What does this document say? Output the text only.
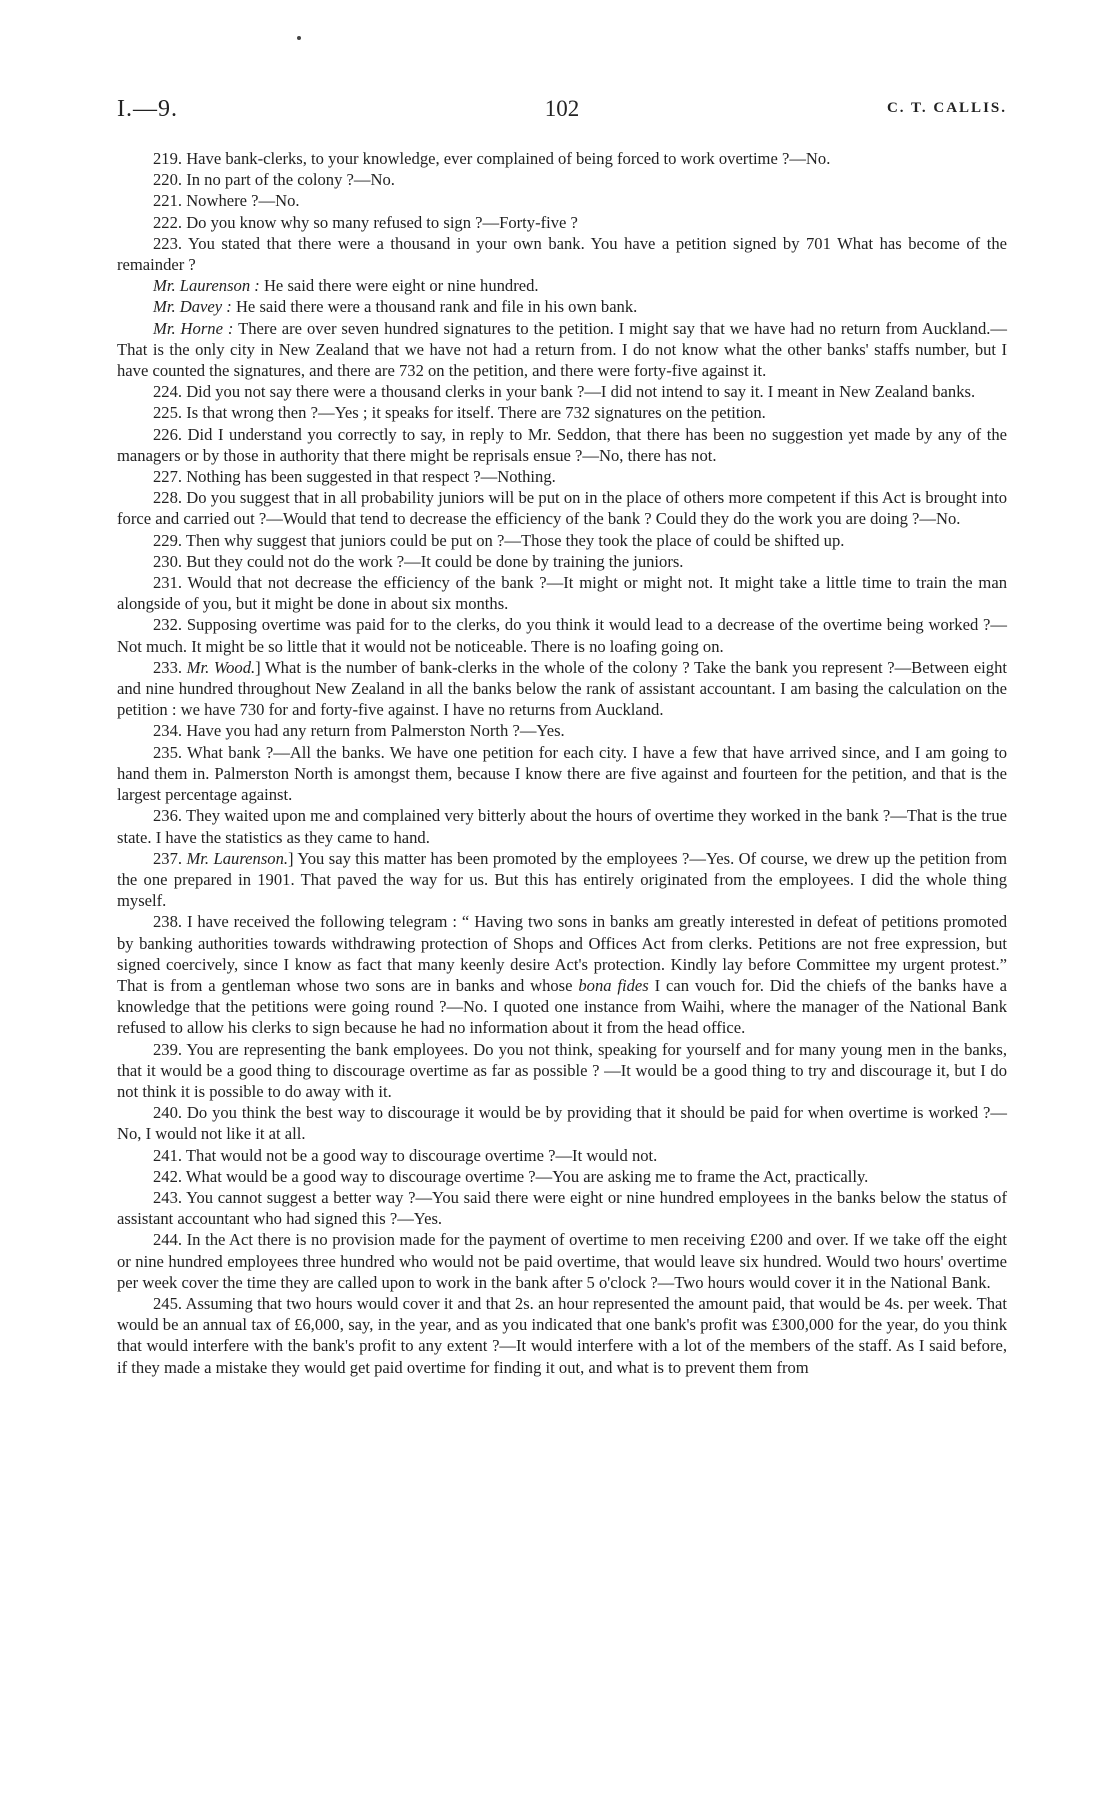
I.—9.	102	C. T. CALLIS.

219. Have bank-clerks, to your knowledge, ever complained of being forced to work overtime ?—No.

220. In no part of the colony ?—No.

221. Nowhere ?—No.

222. Do you know why so many refused to sign ?—Forty-five ?

223. You stated that there were a thousand in your own bank. You have a petition signed by 701 What has become of the remainder ?

Mr. Laurenson : He said there were eight or nine hundred.

Mr. Davey : He said there were a thousand rank and file in his own bank.

Mr. Horne : There are over seven hundred signatures to the petition. I might say that we have had no return from Auckland.—That is the only city in New Zealand that we have not had a return from. I do not know what the other banks' staffs number, but I have counted the signatures, and there are 732 on the petition, and there were forty-five against it.

224. Did you not say there were a thousand clerks in your bank ?—I did not intend to say it. I meant in New Zealand banks.

225. Is that wrong then ?—Yes ; it speaks for itself. There are 732 signatures on the petition.

226. Did I understand you correctly to say, in reply to Mr. Seddon, that there has been no suggestion yet made by any of the managers or by those in authority that there might be reprisals ensue ?—No, there has not.

227. Nothing has been suggested in that respect ?—Nothing.

228. Do you suggest that in all probability juniors will be put on in the place of others more competent if this Act is brought into force and carried out ?—Would that tend to decrease the efficiency of the bank ? Could they do the work you are doing ?—No.

229. Then why suggest that juniors could be put on ?—Those they took the place of could be shifted up.

230. But they could not do the work ?—It could be done by training the juniors.

231. Would that not decrease the efficiency of the bank ?—It might or might not. It might take a little time to train the man alongside of you, but it might be done in about six months.

232. Supposing overtime was paid for to the clerks, do you think it would lead to a decrease of the overtime being worked ?—Not much. It might be so little that it would not be noticeable. There is no loafing going on.

233. Mr. Wood.] What is the number of bank-clerks in the whole of the colony ? Take the bank you represent ?—Between eight and nine hundred throughout New Zealand in all the banks below the rank of assistant accountant. I am basing the calculation on the petition : we have 730 for and forty-five against. I have no returns from Auckland.

234. Have you had any return from Palmerston North ?—Yes.

235. What bank ?—All the banks. We have one petition for each city. I have a few that have arrived since, and I am going to hand them in. Palmerston North is amongst them, because I know there are five against and fourteen for the petition, and that is the largest percentage against.

236. They waited upon me and complained very bitterly about the hours of overtime they worked in the bank ?—That is the true state. I have the statistics as they came to hand.

237. Mr. Laurenson.] You say this matter has been promoted by the employees ?—Yes. Of course, we drew up the petition from the one prepared in 1901. That paved the way for us. But this has entirely originated from the employees. I did the whole thing myself.

238. I have received the following telegram : “ Having two sons in banks am greatly interested in defeat of petitions promoted by banking authorities towards withdrawing protection of Shops and Offices Act from clerks. Petitions are not free expression, but signed coercively, since I know as fact that many keenly desire Act's protection. Kindly lay before Committee my urgent protest.” That is from a gentleman whose two sons are in banks and whose bona fides I can vouch for. Did the chiefs of the banks have a knowledge that the petitions were going round ?—No. I quoted one instance from Waihi, where the manager of the National Bank refused to allow his clerks to sign because he had no information about it from the head office.

239. You are representing the bank employees. Do you not think, speaking for yourself and for many young men in the banks, that it would be a good thing to discourage overtime as far as possible ? —It would be a good thing to try and discourage it, but I do not think it is possible to do away with it.

240. Do you think the best way to discourage it would be by providing that it should be paid for when overtime is worked ?—No, I would not like it at all.

241. That would not be a good way to discourage overtime ?—It would not.

242. What would be a good way to discourage overtime ?—You are asking me to frame the Act, practically.

243. You cannot suggest a better way ?—You said there were eight or nine hundred employees in the banks below the status of assistant accountant who had signed this ?—Yes.

244. In the Act there is no provision made for the payment of overtime to men receiving £200 and over. If we take off the eight or nine hundred employees three hundred who would not be paid overtime, that would leave six hundred. Would two hours' overtime per week cover the time they are called upon to work in the bank after 5 o'clock ?—Two hours would cover it in the National Bank.

245. Assuming that two hours would cover it and that 2s. an hour represented the amount paid, that would be 4s. per week. That would be an annual tax of £6,000, say, in the year, and as you indicated that one bank's profit was £300,000 for the year, do you think that would interfere with the bank's profit to any extent ?—It would interfere with a lot of the members of the staff. As I said before, if they made a mistake they would get paid overtime for finding it out, and what is to prevent them from
